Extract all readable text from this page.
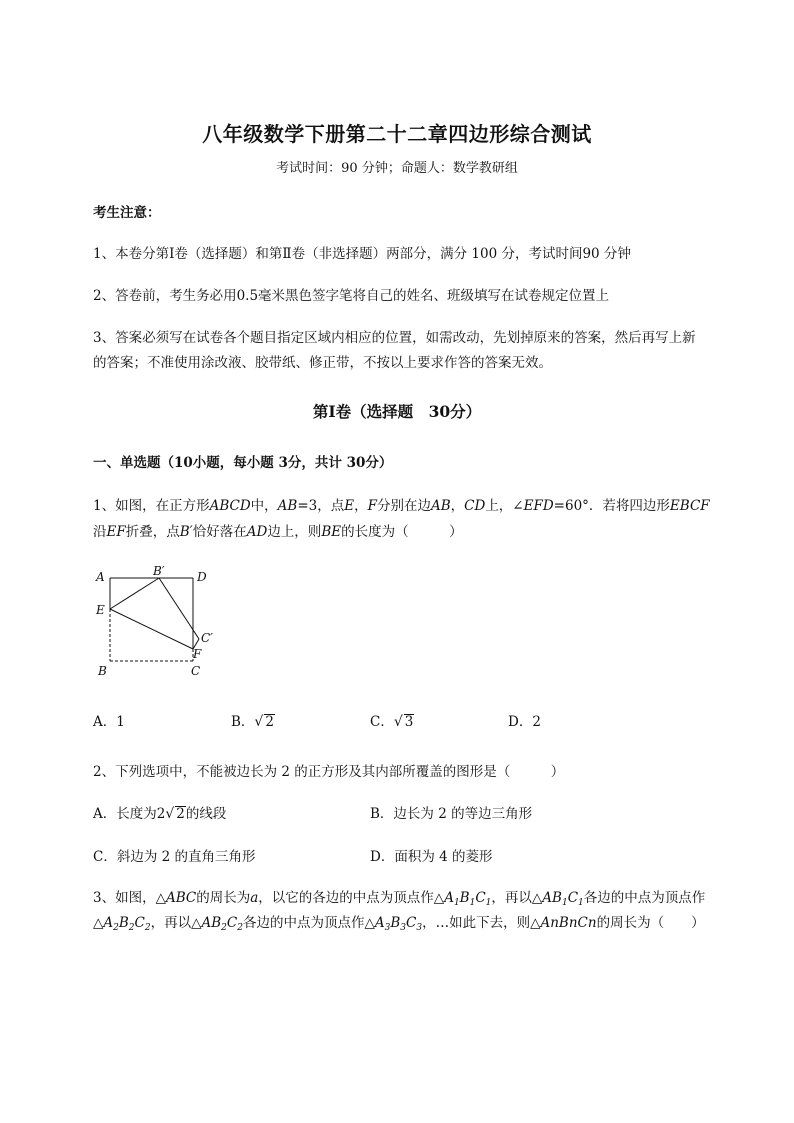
八年级数学下册第二十二章四边形综合测试
考试时间：90 分钟；命题人：数学教研组
考生注意：
1、本卷分第Ⅰ卷（选择题）和第Ⅱ卷（非选择题）两部分，满分 100 分，考试时间90 分钟
2、答卷前，考生务必用0.5毫米黑色签字笔将自己的姓名、班级填写在试卷规定位置上
3、答案必须写在试卷各个题目指定区域内相应的位置，如需改动，先划掉原来的答案，然后再写上新
的答案；不准使用涂改液、胶带纸、修正带，不按以上要求作答的答案无效。
第Ⅰ卷（选择题　30分）
一、单选题（10小题，每小题 3分，共计 30分）
1、如图，在正方形ABCD中，AB=3，点E，F分别在边AB，CD上，∠EFD=60°．若将四边形EBCF
沿EF折叠，点B′恰好落在AD边上，则BE的长度为（　　　）
A	D
B′
E
C′
F
B	C
A．1	B．√ 2	C．√ 3	D．2
2、下列选项中，不能被边长为 2 的正方形及其内部所覆盖的图形是（　　　）
A．长度为2√ 2的线段	B．边长为 2 的等边三角形
C．斜边为 2 的直角三角形	D．面积为 4 的菱形
3、如图，△ABC的周长为a，以它的各边的中点为顶点作$\triangle A_1B_1C_1$，再以$\triangle AB_1C_1$各边的中点为顶点作
$\triangle A_2B_2C_2$，再以$\triangle AB_2C_2$各边的中点为顶点作$\triangle A_3B_3C_3$，…如此下去，则△AnBnCn的周长为（　　）
